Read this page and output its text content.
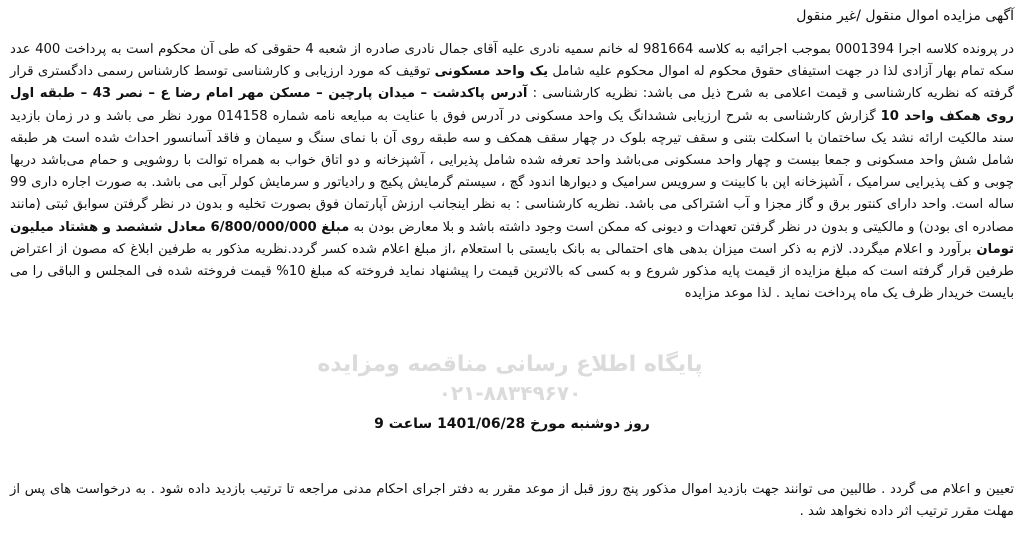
پایگاه اطلاع رسانی مناقصه ومزایده
۰۲۱-۸۸۳۴۹۶۷۰
آگهی مزایده اموال منقول /غیر منقول
در پرونده کلاسه اجرا 0001394 بموجب اجرائیه به کلاسه 981664 له خانم سمیه نادری علیه آقای جمال نادری صادره از شعبه 4 حقوقی که طی آن محکوم است به پرداخت 400 عدد سکه تمام بهار آزادی لذا در جهت استیفای حقوق محکوم له اموال محکوم علیه شامل یک واحد مسکونی توقیف که مورد ارزیابی و کارشناسی توسط کارشناس رسمی دادگستری قرار گرفته که نظریه کارشناسی و قیمت اعلامی به شرح ذیل می باشد: نظریه کارشناسی : آدرس پاکدشت – میدان پارچین – مسکن مهر امام رضا ع – نصر 43 – طبقه اول روی همکف واحد 10 گزارش کارشناسی به شرح ارزیابی ششدانگ یک واحد مسکونی در آدرس فوق با عنایت به مبایعه نامه شماره 014158 مورد نظر می باشد و در زمان بازدید سند مالکیت ارائه نشد یک ساختمان با اسکلت بتنی و سقف تیرچه بلوک در چهار سقف همکف و سه طبقه روی آن با نمای سنگ و سیمان و فاقد آسانسور احداث شده است هر طبقه شامل شش واحد مسکونی و جمعا بیست و چهار واحد مسکونی می‌باشد واحد تعرفه شده شامل پذیرایی ، آشپزخانه و دو اتاق خواب به همراه توالت با روشویی و حمام می‌باشد دربها چوبی و کف پذیرایی سرامیک ، آشپزخانه اپن با کابینت و سرویس سرامیک و دیوارها اندود گچ ، سیستم گرمایش پکیج و رادیاتور و سرمایش کولر آبی می باشد. به صورت اجاره داری 99 ساله است. واحد دارای کنتور برق و گاز مجزا و آب اشتراکی می باشد. نظریه کارشناسی : به نظر اینجانب ارزش آپارتمان فوق بصورت تخلیه و بدون در نظر گرفتن سوابق ثبتی (مانند مصادره ای بودن) و مالکیتی و بدون در نظر گرفتن تعهدات و دیونی که ممکن است وجود داشته باشد و بلا معارض بودن به مبلغ 6/800/000/000 معادل ششصد و هشتاد میلیون تومان برآورد و اعلام میگردد. لازم به ذکر است میزان بدهی های احتمالی به بانک بایستی با استعلام ،از مبلغ اعلام شده کسر گردد.نظریه مذکور به طرفین ابلاغ که مصون از اعتراض طرفین قرار گرفته است که مبلغ مزایده از قیمت پایه مذکور شروع و به کسی که بالاترین قیمت را پیشنهاد نماید فروخته که مبلغ 10% قیمت فروخته شده فی المجلس و الباقی را می بایست خریدار ظرف یک ماه پرداخت نماید . لذا موعد مزایده
روز دوشنبه مورخ 1401/06/28 ساعت 9
تعیین و اعلام می گردد . طالبین می توانند جهت بازدید اموال مذکور پنج روز قبل از موعد مقرر به دفتر اجرای احکام مدنی مراجعه تا ترتیب بازدید داده شود . به درخواست های پس از مهلت مقرر ترتیب اثر داده نخواهد شد .
